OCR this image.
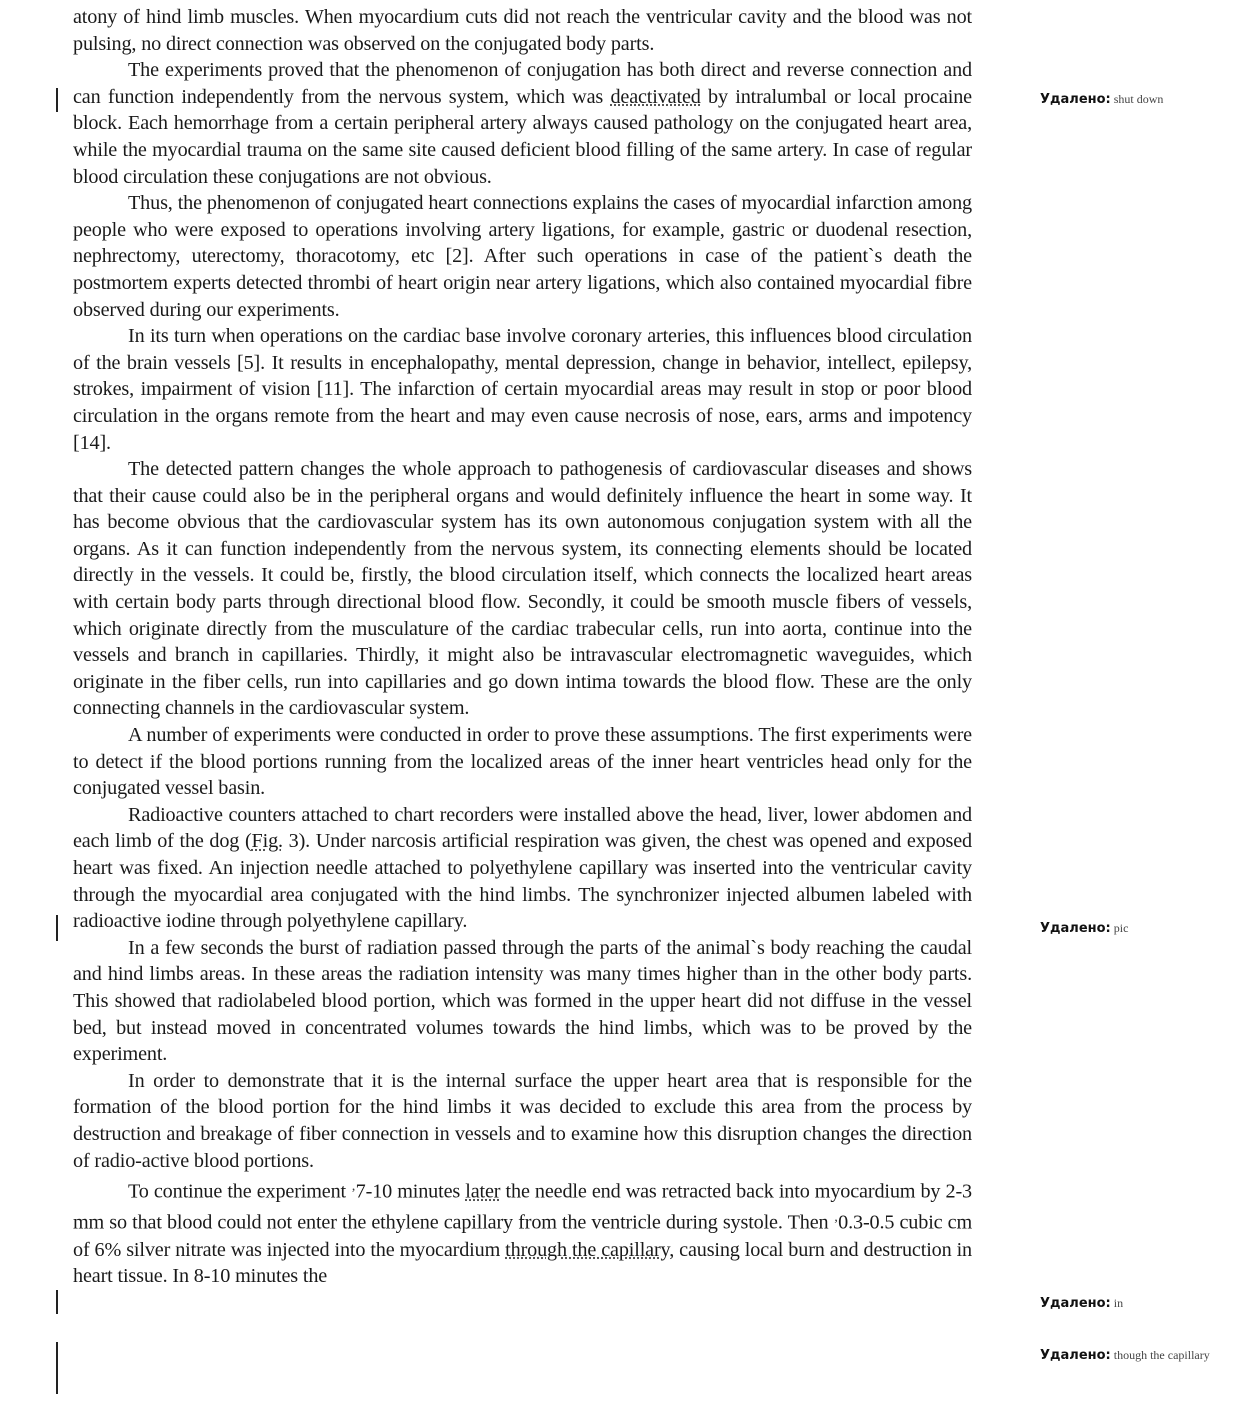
atony of hind limb muscles. When myocardium cuts did not reach the ventricular cavity and the blood was not pulsing, no direct connection was observed on the conjugated body parts.

The experiments proved that the phenomenon of conjugation has both direct and reverse connection and can function independently from the nervous system, which was deactivated by intralumbal or local procaine block. Each hemorrhage from a certain peripheral artery always caused pathology on the conjugated heart area, while the myocardial trauma on the same site caused deficient blood filling of the same artery. In case of regular blood circulation these conjugations are not obvious.

Thus, the phenomenon of conjugated heart connections explains the cases of myocardial infarction among people who were exposed to operations involving artery ligations, for example, gastric or duodenal resection, nephrectomy, uterectomy, thoracotomy, etc [2]. After such operations in case of the patient`s death the postmortem experts detected thrombi of heart origin near artery ligations, which also contained myocardial fibre observed during our experiments.

In its turn when operations on the cardiac base involve coronary arteries, this influences blood circulation of the brain vessels [5]. It results in encephalopathy, mental depression, change in behavior, intellect, epilepsy, strokes, impairment of vision [11]. The infarction of certain myocardial areas may result in stop or poor blood circulation in the organs remote from the heart and may even cause necrosis of nose, ears, arms and impotency [14].

The detected pattern changes the whole approach to pathogenesis of cardiovascular diseases and shows that their cause could also be in the peripheral organs and would definitely influence the heart in some way. It has become obvious that the cardiovascular system has its own autonomous conjugation system with all the organs. As it can function independently from the nervous system, its connecting elements should be located directly in the vessels. It could be, firstly, the blood circulation itself, which connects the localized heart areas with certain body parts through directional blood flow. Secondly, it could be smooth muscle fibers of vessels, which originate directly from the musculature of the cardiac trabecular cells, run into aorta, continue into the vessels and branch in capillaries. Thirdly, it might also be intravascular electromagnetic waveguides, which originate in the fiber cells, run into capillaries and go down intima towards the blood flow. These are the only connecting channels in the cardiovascular system.

A number of experiments were conducted in order to prove these assumptions. The first experiments were to detect if the blood portions running from the localized areas of the inner heart ventricles head only for the conjugated vessel basin.

Radioactive counters attached to chart recorders were installed above the head, liver, lower abdomen and each limb of the dog (Fig. 3). Under narcosis artificial respiration was given, the chest was opened and exposed heart was fixed. An injection needle attached to polyethylene capillary was inserted into the ventricular cavity through the myocardial area conjugated with the hind limbs. The synchronizer injected albumen labeled with radioactive iodine through polyethylene capillary.

In a few seconds the burst of radiation passed through the parts of the animal`s body reaching the caudal and hind limbs areas. In these areas the radiation intensity was many times higher than in the other body parts. This showed that radiolabeled blood portion, which was formed in the upper heart did not diffuse in the vessel bed, but instead moved in concentrated volumes towards the hind limbs, which was to be proved by the experiment.

In order to demonstrate that it is the internal surface the upper heart area that is responsible for the formation of the blood portion for the hind limbs it was decided to exclude this area from the process by destruction and breakage of fiber connection in vessels and to examine how this disruption changes the direction of radio-active blood portions.

To continue the experiment ‚7-10 minutes later the needle end was retracted back into myocardium by 2-3 mm so that blood could not enter the ethylene capillary from the ventricle during systole. Then ‚0.3-0.5 cubic cm of 6% silver nitrate was injected into the myocardium through the capillary, causing local burn and destruction in heart tissue. In 8-10 minutes the

Удалено: shut down
Удалено: pic
Удалено: in
Удалено: though the capillary
